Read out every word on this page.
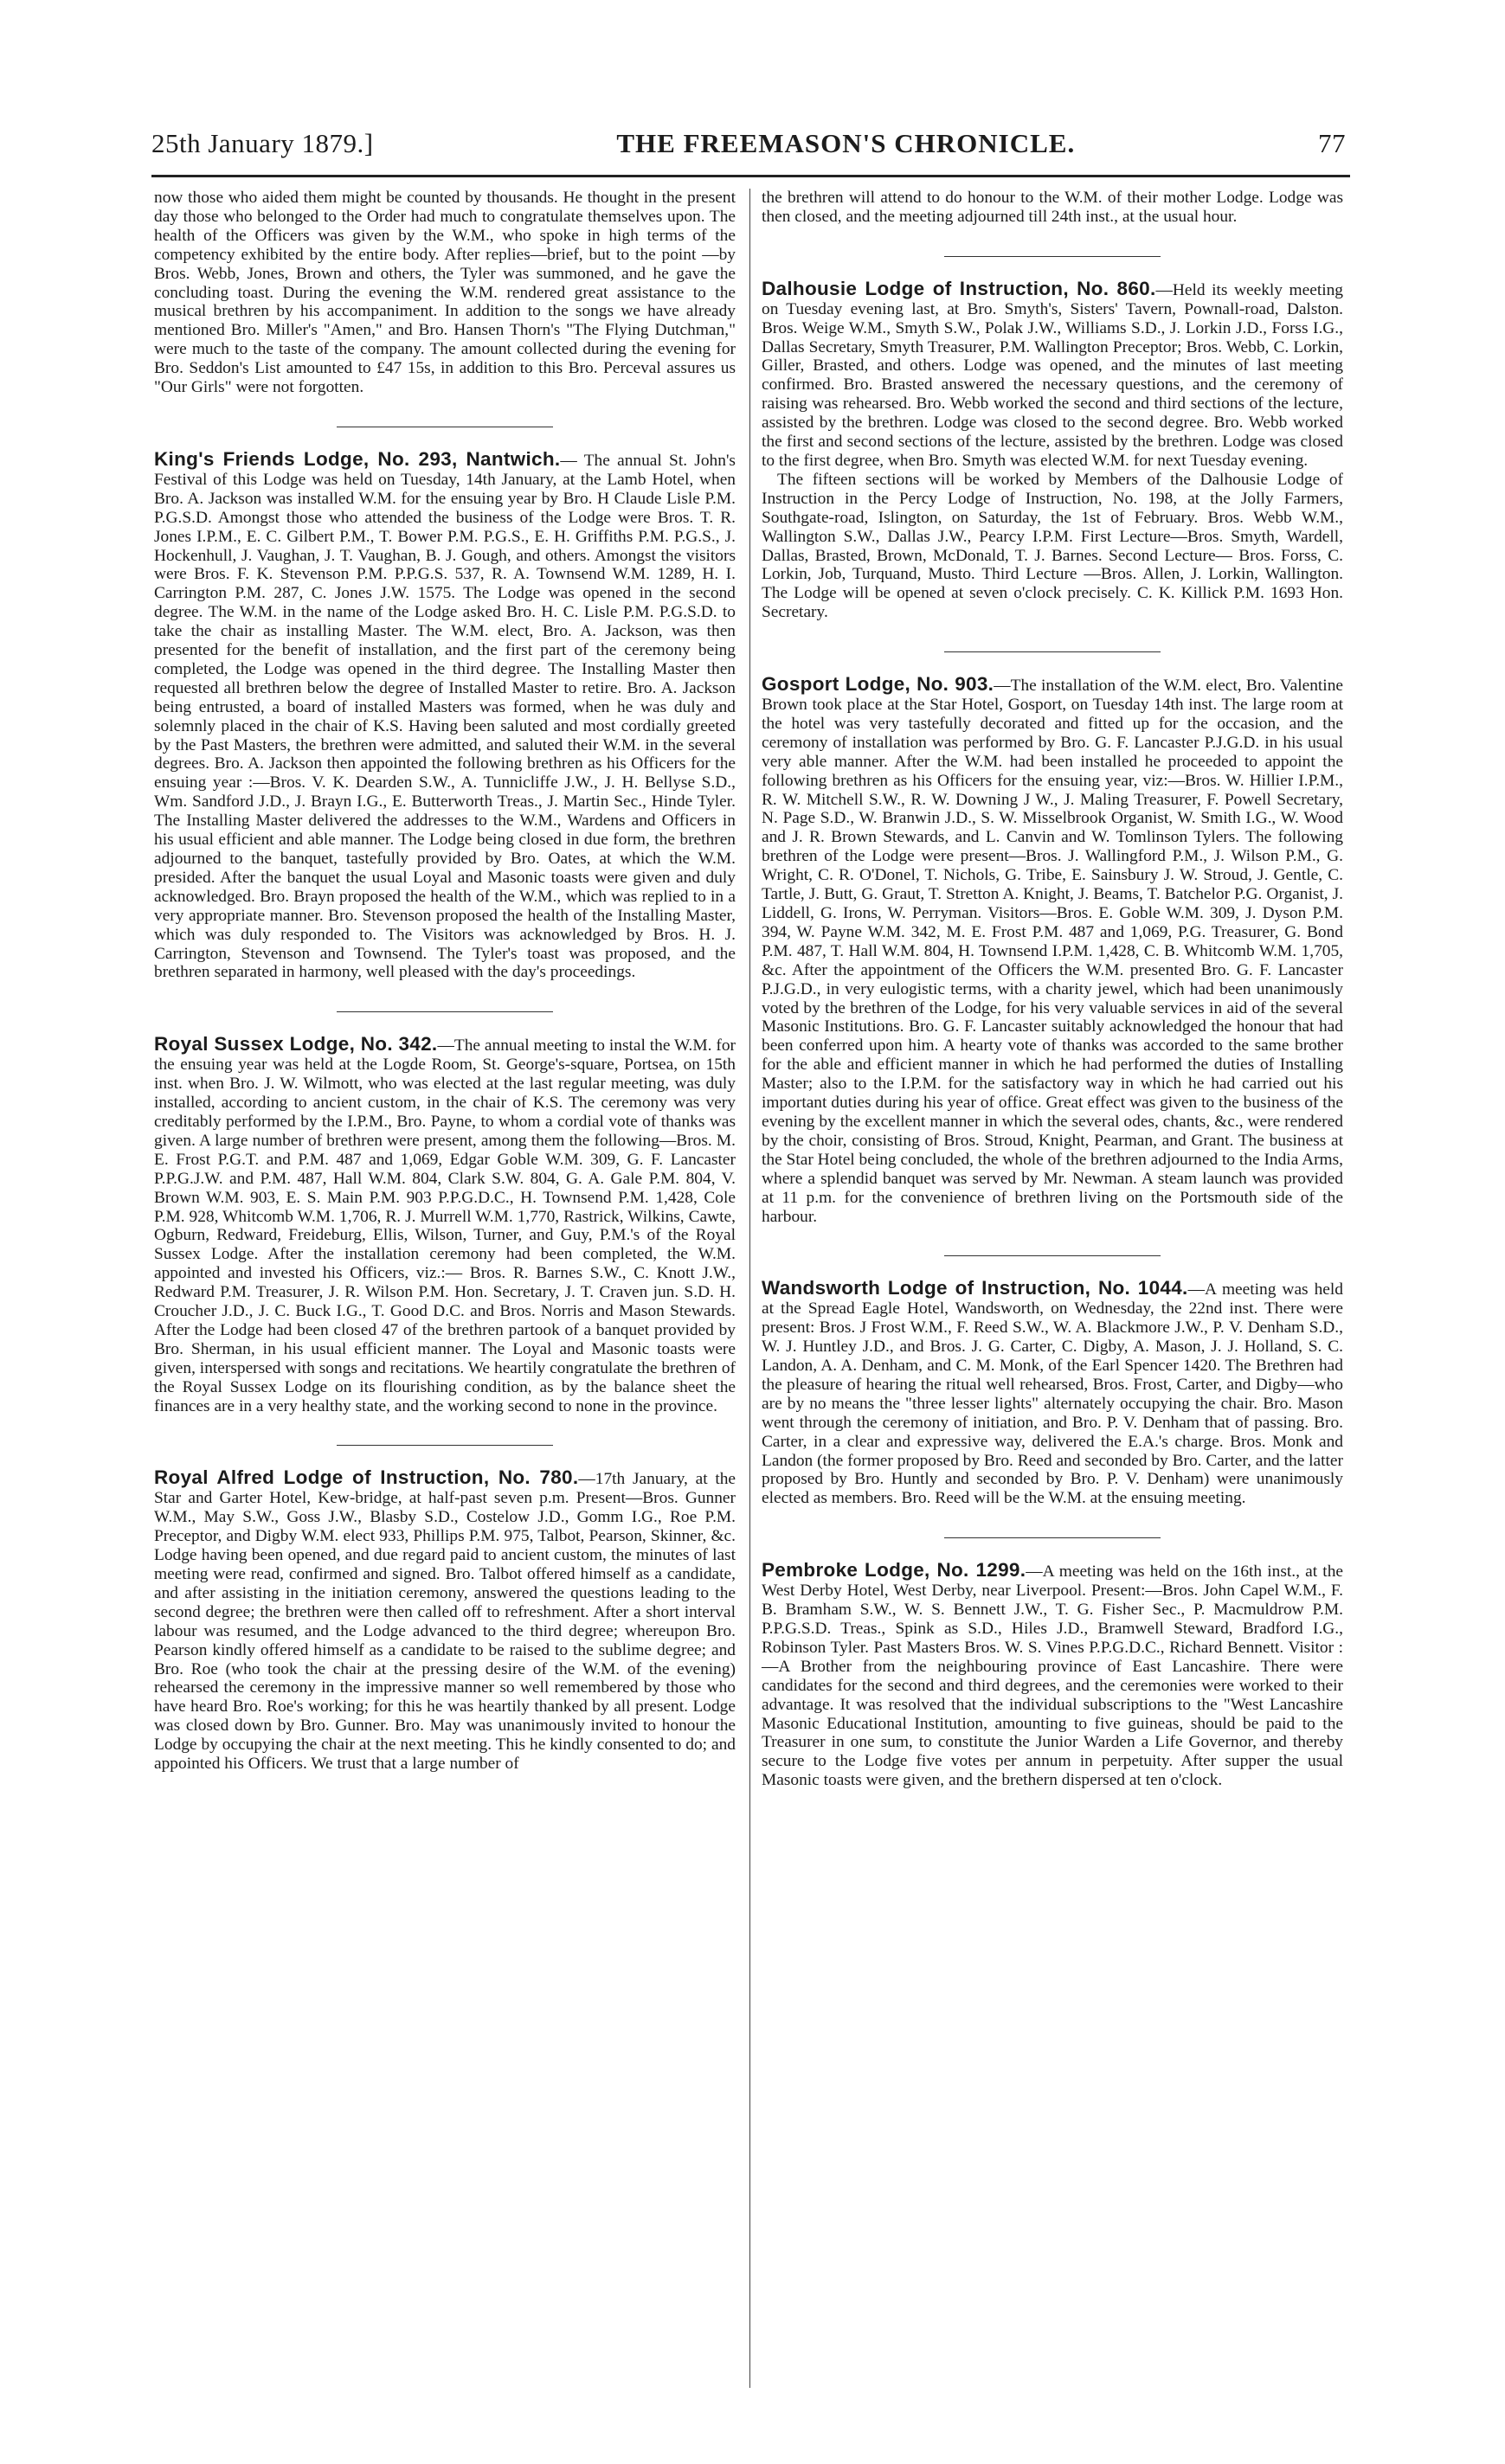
25th January 1879.]	THE FREEMASON'S CHRONICLE.	77

now those who aided them might be counted by thousands. He thought in the present day those who belonged to the Order had much to congratulate themselves upon. The health of the Officers was given by the W.M., who spoke in high terms of the competency exhibited by the entire body. After replies—brief, but to the point —by Bros. Webb, Jones, Brown and others, the Tyler was summoned, and he gave the concluding toast. During the evening the W.M. rendered great assistance to the musical brethren by his accompaniment. In addition to the songs we have already mentioned Bro. Miller's "Amen," and Bro. Hansen Thorn's "The Flying Dutchman," were much to the taste of the company. The amount collected during the evening for Bro. Seddon's List amounted to £47 15s, in addition to this Bro. Perceval assures us "Our Girls" were not forgotten.

King's Friends Lodge, No. 293, Nantwich.— The annual St. John's Festival of this Lodge was held on Tuesday, 14th January, at the Lamb Hotel, when Bro. A. Jackson was installed W.M. for the ensuing year by Bro. H Claude Lisle P.M. P.G.S.D. Amongst those who attended the business of the Lodge were Bros. T. R. Jones I.P.M., E. C. Gilbert P.M., T. Bower P.M. P.G.S., E. H. Griffiths P.M. P.G.S., J. Hockenhull, J. Vaughan, J. T. Vaughan, B. J. Gough, and others. Amongst the visitors were Bros. F. K. Stevenson P.M. P.P.G.S. 537, R. A. Townsend W.M. 1289, H. I. Carrington P.M. 287, C. Jones J.W. 1575. The Lodge was opened in the second degree. The W.M. in the name of the Lodge asked Bro. H. C. Lisle P.M. P.G.S.D. to take the chair as installing Master. The W.M. elect, Bro. A. Jackson, was then presented for the benefit of installation, and the first part of the ceremony being completed, the Lodge was opened in the third degree. The Installing Master then requested all brethren below the degree of Installed Master to retire. Bro. A. Jackson being entrusted, a board of installed Masters was formed, when he was duly and solemnly placed in the chair of K.S. Having been saluted and most cordially greeted by the Past Masters, the brethren were admitted, and saluted their W.M. in the several degrees. Bro. A. Jackson then appointed the following brethren as his Officers for the ensuing year :—Bros. V. K. Dearden S.W., A. Tunnicliffe J.W., J. H. Bellyse S.D., Wm. Sandford J.D., J. Brayn I.G., E. Butterworth Treas., J. Martin Sec., Hinde Tyler. The Installing Master delivered the addresses to the W.M., Wardens and Officers in his usual efficient and able manner. The Lodge being closed in due form, the brethren adjourned to the banquet, tastefully provided by Bro. Oates, at which the W.M. presided. After the banquet the usual Loyal and Masonic toasts were given and duly acknowledged. Bro. Brayn proposed the health of the W.M., which was replied to in a very appropriate manner. Bro. Stevenson proposed the health of the Installing Master, which was duly responded to. The Visitors was acknowledged by Bros. H. J. Carrington, Stevenson and Townsend. The Tyler's toast was proposed, and the brethren separated in harmony, well pleased with the day's proceedings.

Royal Sussex Lodge, No. 342.—The annual meeting to instal the W.M. for the ensuing year was held at the Logde Room, St. George's-square, Portsea, on 15th inst. when Bro. J. W. Wilmott, who was elected at the last regular meeting, was duly installed, according to ancient custom, in the chair of K.S. The ceremony was very creditably performed by the I.P.M., Bro. Payne, to whom a cordial vote of thanks was given. A large number of brethren were present, among them the following—Bros. M. E. Frost P.G.T. and P.M. 487 and 1,069, Edgar Goble W.M. 309, G. F. Lancaster P.P.G.J.W. and P.M. 487, Hall W.M. 804, Clark S.W. 804, G. A. Gale P.M. 804, V. Brown W.M. 903, E. S. Main P.M. 903 P.P.G.D.C., H. Townsend P.M. 1,428, Cole P.M. 928, Whitcomb W.M. 1,706, R. J. Murrell W.M. 1,770, Rastrick, Wilkins, Cawte, Ogburn, Redward, Freideburg, Ellis, Wilson, Turner, and Guy, P.M.'s of the Royal Sussex Lodge. After the installation ceremony had been completed, the W.M. appointed and invested his Officers, viz.:— Bros. R. Barnes S.W., C. Knott J.W., Redward P.M. Treasurer, J. R. Wilson P.M. Hon. Secretary, J. T. Craven jun. S.D. H. Croucher J.D., J. C. Buck I.G., T. Good D.C. and Bros. Norris and Mason Stewards. After the Lodge had been closed 47 of the brethren partook of a banquet provided by Bro. Sherman, in his usual efficient manner. The Loyal and Masonic toasts were given, interspersed with songs and recitations. We heartily congratulate the brethren of the Royal Sussex Lodge on its flourishing condition, as by the balance sheet the finances are in a very healthy state, and the working second to none in the province.

Royal Alfred Lodge of Instruction, No. 780.—17th January, at the Star and Garter Hotel, Kew-bridge, at half-past seven p.m. Present—Bros. Gunner W.M., May S.W., Goss J.W., Blasby S.D., Costelow J.D., Gomm I.G., Roe P.M. Preceptor, and Digby W.M. elect 933, Phillips P.M. 975, Talbot, Pearson, Skinner, &c. Lodge having been opened, and due regard paid to ancient custom, the minutes of last meeting were read, confirmed and signed. Bro. Talbot offered himself as a candidate, and after assisting in the initiation ceremony, answered the questions leading to the second degree; the brethren were then called off to refreshment. After a short interval labour was resumed, and the Lodge advanced to the third degree; whereupon Bro. Pearson kindly offered himself as a candidate to be raised to the sublime degree; and Bro. Roe (who took the chair at the pressing desire of the W.M. of the evening) rehearsed the ceremony in the impressive manner so well remembered by those who have heard Bro. Roe's working; for this he was heartily thanked by all present. Lodge was closed down by Bro. Gunner. Bro. May was unanimously invited to honour the Lodge by occupying the chair at the next meeting. This he kindly consented to do; and appointed his Officers. We trust that a large number of

the brethren will attend to do honour to the W.M. of their mother Lodge. Lodge was then closed, and the meeting adjourned till 24th inst., at the usual hour.

Dalhousie Lodge of Instruction, No. 860.—Held its weekly meeting on Tuesday evening last, at Bro. Smyth's, Sisters' Tavern, Pownall-road, Dalston. Bros. Weige W.M., Smyth S.W., Polak J.W., Williams S.D., J. Lorkin J.D., Forss I.G., Dallas Secretary, Smyth Treasurer, P.M. Wallington Preceptor; Bros. Webb, C. Lorkin, Giller, Brasted, and others. Lodge was opened, and the minutes of last meeting confirmed. Bro. Brasted answered the necessary questions, and the ceremony of raising was rehearsed. Bro. Webb worked the second and third sections of the lecture, assisted by the brethren. Lodge was closed to the second degree. Bro. Webb worked the first and second sections of the lecture, assisted by the brethren. Lodge was closed to the first degree, when Bro. Smyth was elected W.M. for next Tuesday evening.

The fifteen sections will be worked by Members of the Dalhousie Lodge of Instruction in the Percy Lodge of Instruction, No. 198, at the Jolly Farmers, Southgate-road, Islington, on Saturday, the 1st of February. Bros. Webb W.M., Wallington S.W., Dallas J.W., Pearcy I.P.M. First Lecture—Bros. Smyth, Wardell, Dallas, Brasted, Brown, McDonald, T. J. Barnes. Second Lecture— Bros. Forss, C. Lorkin, Job, Turquand, Musto. Third Lecture —Bros. Allen, J. Lorkin, Wallington. The Lodge will be opened at seven o'clock precisely. C. K. Killick P.M. 1693 Hon. Secretary.

Gosport Lodge, No. 903.—The installation of the W.M. elect, Bro. Valentine Brown took place at the Star Hotel, Gosport, on Tuesday 14th inst. The large room at the hotel was very tastefully decorated and fitted up for the occasion, and the ceremony of installation was performed by Bro. G. F. Lancaster P.J.G.D. in his usual very able manner. After the W.M. had been installed he proceeded to appoint the following brethren as his Officers for the ensuing year, viz:—Bros. W. Hillier I.P.M., R. W. Mitchell S.W., R. W. Downing J W., J. Maling Treasurer, F. Powell Secretary, N. Page S.D., W. Branwin J.D., S. W. Misselbrook Organist, W. Smith I.G., W. Wood and J. R. Brown Stewards, and L. Canvin and W. Tomlinson Tylers. The following brethren of the Lodge were present—Bros. J. Wallingford P.M., J. Wilson P.M., G. Wright, C. R. O'Donel, T. Nichols, G. Tribe, E. Sainsbury J. W. Stroud, J. Gentle, C. Tartle, J. Butt, G. Graut, T. Stretton A. Knight, J. Beams, T. Batchelor P.G. Organist, J. Liddell, G. Irons, W. Perryman. Visitors—Bros. E. Goble W.M. 309, J. Dyson P.M. 394, W. Payne W.M. 342, M. E. Frost P.M. 487 and 1,069, P.G. Treasurer, G. Bond P.M. 487, T. Hall W.M. 804, H. Townsend I.P.M. 1,428, C. B. Whitcomb W.M. 1,705, &c. After the appointment of the Officers the W.M. presented Bro. G. F. Lancaster P.J.G.D., in very eulogistic terms, with a charity jewel, which had been unanimously voted by the brethren of the Lodge, for his very valuable services in aid of the several Masonic Institutions. Bro. G. F. Lancaster suitably acknowledged the honour that had been conferred upon him. A hearty vote of thanks was accorded to the same brother for the able and efficient manner in which he had performed the duties of Installing Master; also to the I.P.M. for the satisfactory way in which he had carried out his important duties during his year of office. Great effect was given to the business of the evening by the excellent manner in which the several odes, chants, &c., were rendered by the choir, consisting of Bros. Stroud, Knight, Pearman, and Grant. The business at the Star Hotel being concluded, the whole of the brethren adjourned to the India Arms, where a splendid banquet was served by Mr. Newman. A steam launch was provided at 11 p.m. for the convenience of brethren living on the Portsmouth side of the harbour.

Wandsworth Lodge of Instruction, No. 1044.—A meeting was held at the Spread Eagle Hotel, Wandsworth, on Wednesday, the 22nd inst. There were present: Bros. J Frost W.M., F. Reed S.W., W. A. Blackmore J.W., P. V. Denham S.D., W. J. Huntley J.D., and Bros. J. G. Carter, C. Digby, A. Mason, J. J. Holland, S. C. Landon, A. A. Denham, and C. M. Monk, of the Earl Spencer 1420. The Brethren had the pleasure of hearing the ritual well rehearsed, Bros. Frost, Carter, and Digby—who are by no means the "three lesser lights" alternately occupying the chair. Bro. Mason went through the ceremony of initiation, and Bro. P. V. Denham that of passing. Bro. Carter, in a clear and expressive way, delivered the E.A.'s charge. Bros. Monk and Landon (the former proposed by Bro. Reed and seconded by Bro. Carter, and the latter proposed by Bro. Huntly and seconded by Bro. P. V. Denham) were unanimously elected as members. Bro. Reed will be the W.M. at the ensuing meeting.

Pembroke Lodge, No. 1299.—A meeting was held on the 16th inst., at the West Derby Hotel, West Derby, near Liverpool. Present:—Bros. John Capel W.M., F. B. Bramham S.W., W. S. Bennett J.W., T. G. Fisher Sec., P. Macmuldrow P.M. P.P.G.S.D. Treas., Spink as S.D., Hiles J.D., Bramwell Steward, Bradford I.G., Robinson Tyler. Past Masters Bros. W. S. Vines P.P.G.D.C., Richard Bennett. Visitor :—A Brother from the neighbouring province of East Lancashire. There were candidates for the second and third degrees, and the ceremonies were worked to their advantage. It was resolved that the individual subscriptions to the "West Lancashire Masonic Educational Institution, amounting to five guineas, should be paid to the Treasurer in one sum, to constitute the Junior Warden a Life Governor, and thereby secure to the Lodge five votes per annum in perpetuity. After supper the usual Masonic toasts were given, and the brethern dispersed at ten o'clock.
